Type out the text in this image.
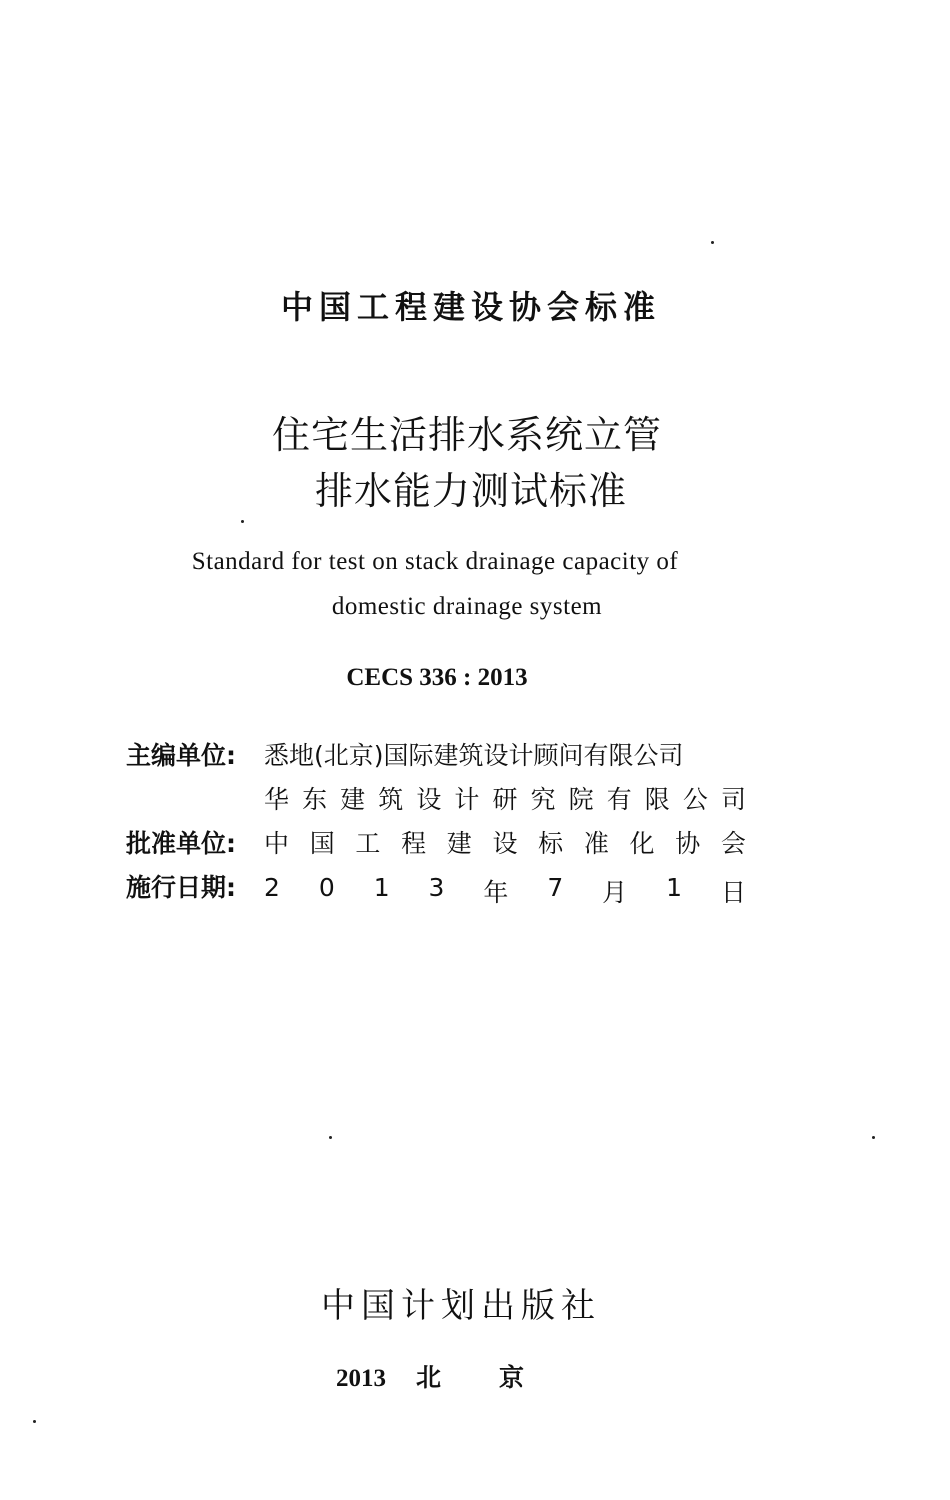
中国工程建设协会标准
住宅生活排水系统立管
排水能力测试标准
Standard for test on stack drainage capacity of
domestic drainage system
CECS 336 : 2013
主编单位:	悉地(北京)国际建筑设计顾问有限公司
华 东 建 筑 设 计 研 究 院 有 限 公 司
批准单位:	中 国 工 程 建 设 标 准 化 协 会
施行日期:	2 0 1 3 年 7 月 1 日
中国计划出版社
2013 北 京
